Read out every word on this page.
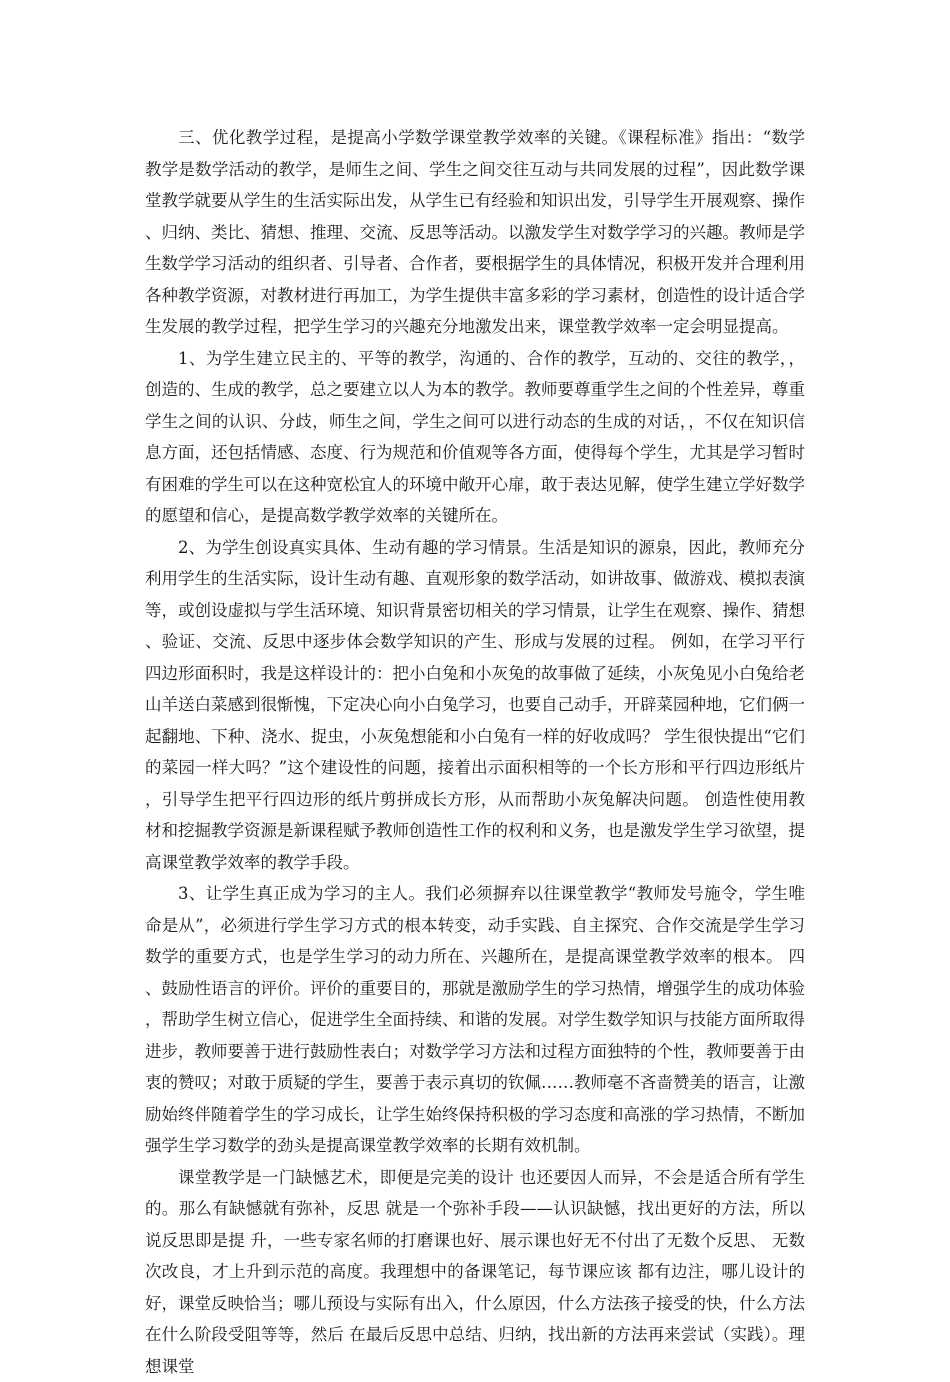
三、优化教学过程，是提高小学数学课堂教学效率的关键。《课程标准》指出：“数学教学是数学活动的教学，是师生之间、学生之间交往互动与共同发展的过程”，因此数学课堂教学就要从学生的生活实际出发，从学生已有经验和知识出发，引导学生开展观察、操作、归纳、类比、猜想、推理、交流、反思等活动。以激发学生对数学学习的兴趣。教师是学生数学学习活动的组织者、引导者、合作者，要根据学生的具体情况，积极开发并合理利用各种教学资源，对教材进行再加工，为学生提供丰富多彩的学习素材，创造性的设计适合学生发展的教学过程，把学生学习的兴趣充分地激发出来，课堂教学效率一定会明显提高。

1、为学生建立民主的、平等的教学，沟通的、合作的教学，互动的、交往的教学，，创造的、生成的教学，总之要建立以人为本的教学。教师要尊重学生之间的个性差异，尊重学生之间的认识、分歧，师生之间，学生之间可以进行动态的生成的对话，，不仅在知识信息方面，还包括情感、态度、行为规范和价值观等各方面，使得每个学生，尤其是学习暂时有困难的学生可以在这种宽松宜人的环境中敞开心扉，敢于表达见解，使学生建立学好数学的愿望和信心，是提高数学教学效率的关键所在。

2、为学生创设真实具体、生动有趣的学习情景。生活是知识的源泉，因此，教师充分利用学生的生活实际，设计生动有趣、直观形象的数学活动，如讲故事、做游戏、模拟表演等，或创设虚拟与学生活环境、知识背景密切相关的学习情景，让学生在观察、操作、猜想、验证、交流、反思中逐步体会数学知识的产生、形成与发展的过程。 例如，在学习平行四边形面积时，我是这样设计的：把小白兔和小灰兔的故事做了延续，小灰兔见小白兔给老山羊送白菜感到很惭愧，下定决心向小白兔学习，也要自己动手，开辟菜园种地，它们俩一起翻地、下种、浇水、捉虫，小灰兔想能和小白兔有一样的好收成吗？ 学生很快提出“它们的菜园一样大吗？”这个建设性的问题，接着出示面积相等的一个长方形和平行四边形纸片，引导学生把平行四边形的纸片剪拼成长方形，从而帮助小灰兔解决问题。 创造性使用教材和挖掘教学资源是新课程赋予教师创造性工作的权利和义务，也是激发学生学习欲望，提高课堂教学效率的教学手段。

3、让学生真正成为学习的主人。我们必须摒弃以往课堂教学“教师发号施令，学生唯命是从”，必须进行学生学习方式的根本转变，动手实践、自主探究、合作交流是学生学习数学的重要方式，也是学生学习的动力所在、兴趣所在，是提高课堂教学效率的根本。 四、鼓励性语言的评价。评价的重要目的，那就是激励学生的学习热情，增强学生的成功体验，帮助学生树立信心，促进学生全面持续、和谐的发展。对学生数学知识与技能方面所取得进步，教师要善于进行鼓励性表白；对数学学习方法和过程方面独特的个性，教师要善于由衷的赞叹；对敢于质疑的学生，要善于表示真切的钦佩……教师毫不吝啬赞美的语言，让激励始终伴随着学生的学习成长，让学生始终保持积极的学习态度和高涨的学习热情，不断加强学生学习数学的劲头是提高课堂教学效率的长期有效机制。

课堂教学是一门缺憾艺术，即便是完美的设计 也还要因人而异，不会是适合所有学生的。那么有缺憾就有弥补，反思 就是一个弥补手段——认识缺憾，找出更好的方法，所以说反思即是提 升，一些专家名师的打磨课也好、展示课也好无不付出了无数个反思、 无数次改良，才上升到示范的高度。我理想中的备课笔记，每节课应该 都有边注，哪儿设计的好，课堂反映恰当；哪儿预设与实际有出入，什么原因，什么方法孩子接受的快，什么方法在什么阶段受阻等等，然后 在最后反思中总结、归纳，找出新的方法再来尝试（实践）。理想课堂
